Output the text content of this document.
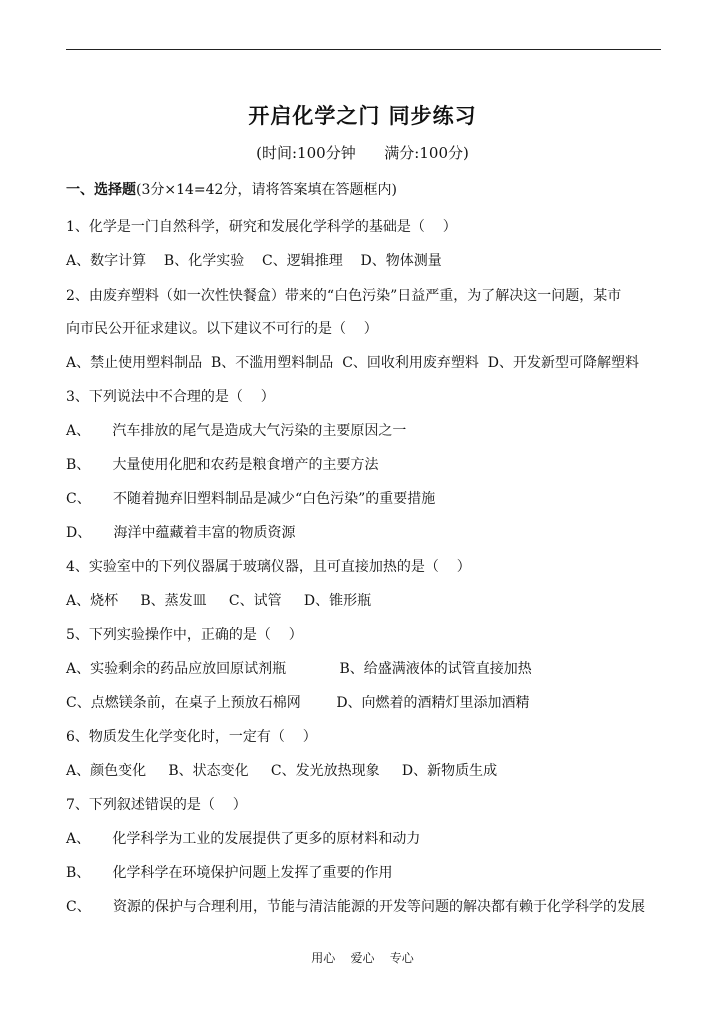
开启化学之门 同步练习
(时间:100分钟      满分:100分)
一、选择题(3分×14=42分，请将答案填在答题框内)
1、化学是一门自然科学，研究和发展化学科学的基础是（    ）
A、数字计算    B、化学实验    C、逻辑推理    D、物体测量
2、由废弃塑料（如一次性快餐盒）带来的“白色污染”日益严重，为了解决这一问题，某市
向市民公开征求建议。以下建议不可行的是（    ）
A、禁止使用塑料制品  B、不滥用塑料制品  C、回收利用废弃塑料  D、开发新型可降解塑料
3、下列说法中不合理的是（    ）
A、     汽车排放的尾气是造成大气污染的主要原因之一
B、     大量使用化肥和农药是粮食增产的主要方法
C、     不随着抛弃旧塑料制品是减少“白色污染”的重要措施
D、     海洋中蕴藏着丰富的物质资源
4、实验室中的下列仪器属于玻璃仪器，且可直接加热的是（    ）
A、烧杯     B、蒸发皿     C、试管     D、锥形瓶
5、下列实验操作中，正确的是（    ）
A、实验剩余的药品应放回原试剂瓶            B、给盛满液体的试管直接加热
C、点燃镁条前，在桌子上预放石棉网        D、向燃着的酒精灯里添加酒精
6、物质发生化学变化时，一定有（    ）
A、颜色变化     B、状态变化     C、发光放热现象     D、新物质生成
7、下列叙述错误的是（    ）
A、     化学科学为工业的发展提供了更多的原材料和动力
B、     化学科学在环境保护问题上发挥了重要的作用
C、     资源的保护与合理利用，节能与清洁能源的开发等问题的解决都有赖于化学科学的发展
用心    爱心    专心
